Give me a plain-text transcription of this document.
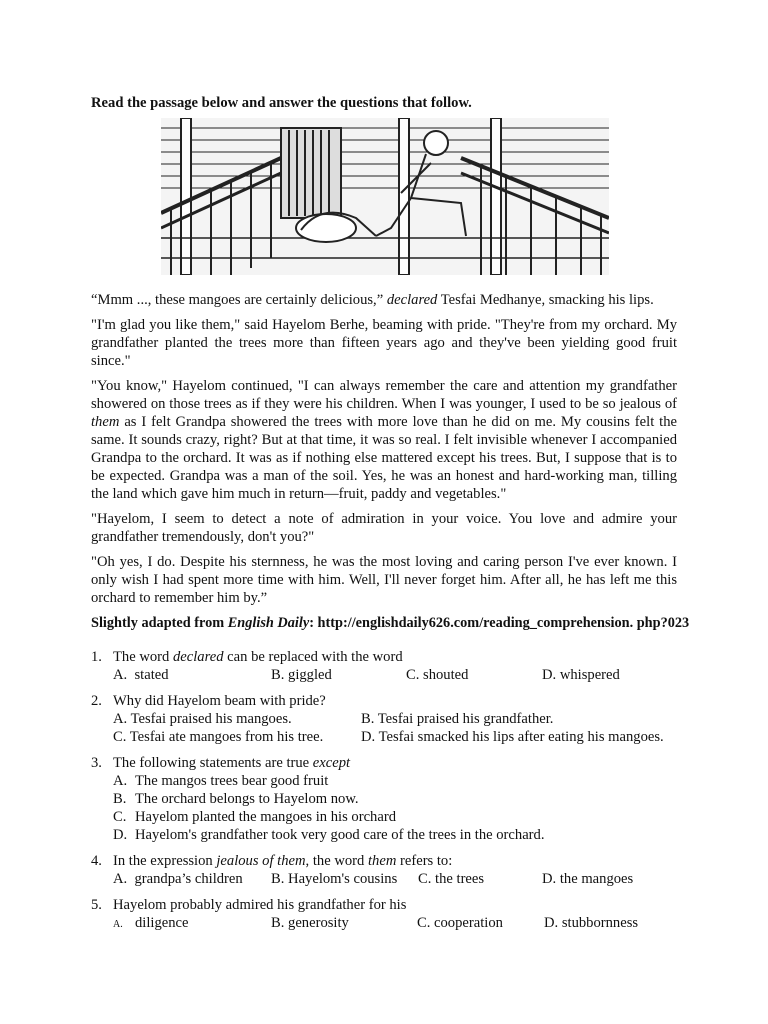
Read the passage below and answer the questions that follow.

“Mmm ..., these mangoes are certainly delicious,” declared Tesfai Medhanye, smacking his lips.

"I'm glad you like them," said Hayelom Berhe, beaming with pride. "They're from my orchard. My grandfather planted the trees more than fifteen years ago and they've been yielding good fruit since."

"You know," Hayelom continued, "I can always remember the care and attention my grandfather showered on those trees as if they were his children. When I was younger, I used to be so jealous of them as I felt Grandpa showered the trees with more love than he did on me. My cousins felt the same. It sounds crazy, right? But at that time, it was so real. I felt invisible whenever I accompanied Grandpa to the orchard. It was as if nothing else mattered except his trees. But, I suppose that is to be expected. Grandpa was a man of the soil. Yes, he was an honest and hard-working man, tilling the land which gave him much in return—fruit, paddy and vegetables."

"Hayelom, I seem to detect a note of admiration in your voice. You love and admire your grandfather tremendously, don't you?"

"Oh yes, I do. Despite his sternness, he was the most loving and caring person I've ever known. I only wish I had spent more time with him. Well, I'll never forget him. After all, he has left me this orchard to remember him by.”

Slightly adapted from English Daily: http://englishdaily626.com/reading_comprehension. php?023
1. The word declared can be replaced with the word
A.  stated	B. giggled	C. shouted	D. whispered
2. Why did Hayelom beam with pride?
A. Tesfai praised his mangoes.	B. Tesfai praised his grandfather.
C. Tesfai ate mangoes from his tree.	D. Tesfai smacked his lips after eating his mangoes.
3. The following statements are true except
A. The mangos trees bear good fruit
B. The orchard belongs to Hayelom now.
C. Hayelom planted the mangoes in his orchard
D. Hayelom's grandfather took very good care of the trees in the orchard.
4. In the expression jealous of them, the word them refers to:
A.  grandpa’s children	B. Hayelom's cousins	C. the trees	D. the mangoes
5. Hayelom probably admired his grandfather for his
A. diligence	B. generosity	C. cooperation	D. stubbornness
